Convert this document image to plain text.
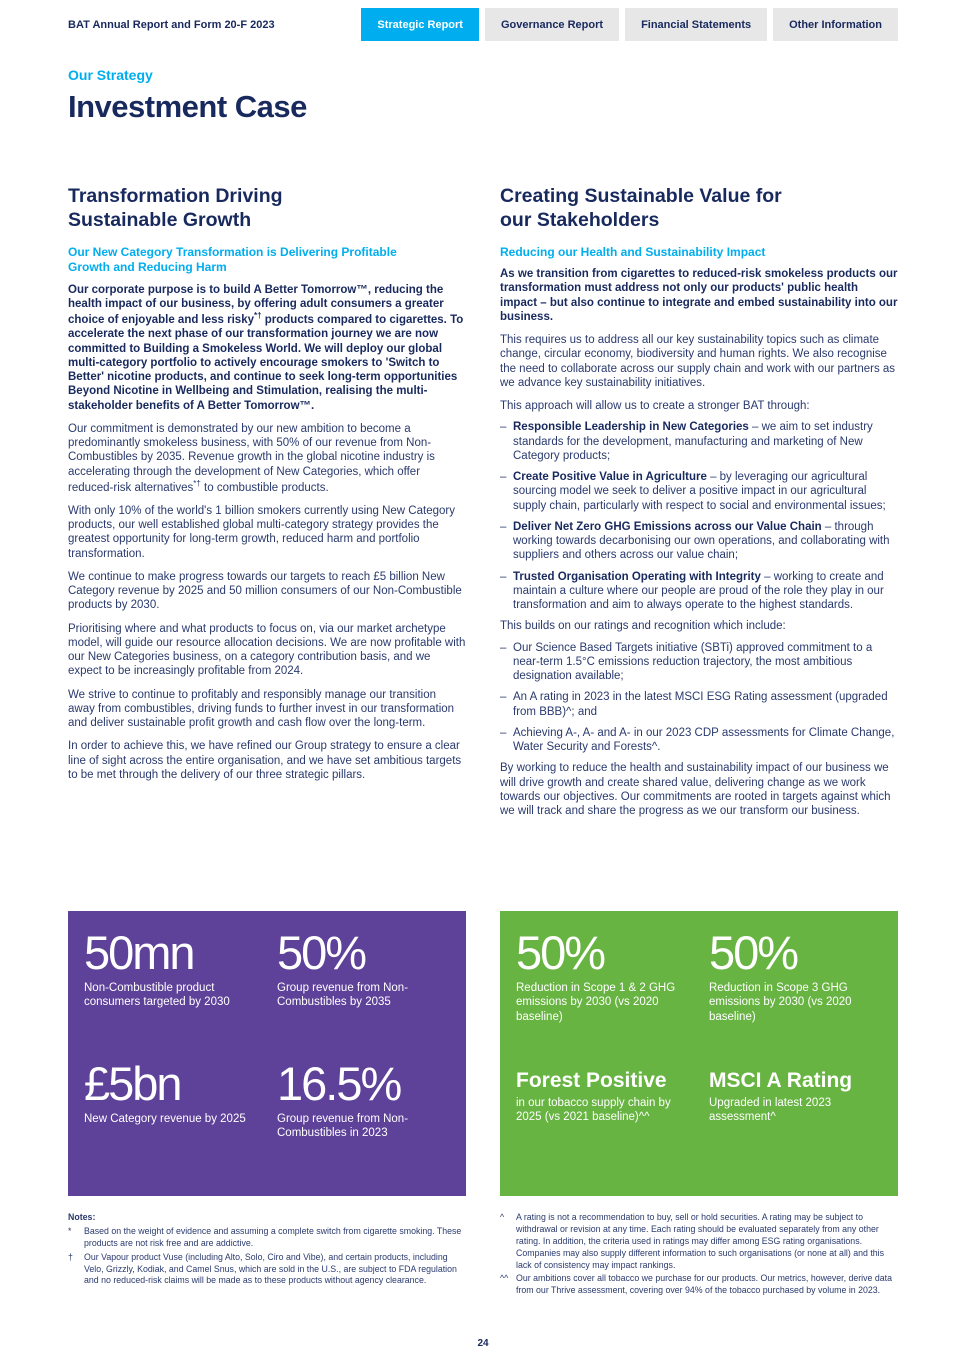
BAT Annual Report and Form 20-F 2023	Strategic Report	Governance Report	Financial Statements	Other Information
Our Strategy
Investment Case
Transformation Driving Sustainable Growth
Our New Category Transformation is Delivering Profitable Growth and Reducing Harm

Our corporate purpose is to build A Better Tomorrow™, reducing the health impact of our business, by offering adult consumers a greater choice of enjoyable and less risky*† products compared to cigarettes. To accelerate the next phase of our transformation journey we are now committed to Building a Smokeless World. We will deploy our global multi-category portfolio to actively encourage smokers to 'Switch to Better' nicotine products, and continue to seek long-term opportunities Beyond Nicotine in Wellbeing and Stimulation, realising the multi-stakeholder benefits of A Better Tomorrow™.

Our commitment is demonstrated by our new ambition to become a predominantly smokeless business, with 50% of our revenue from Non-Combustibles by 2035. Revenue growth in the global nicotine industry is accelerating through the development of New Categories, which offer reduced-risk alternatives*† to combustible products.

With only 10% of the world's 1 billion smokers currently using New Category products, our well established global multi-category strategy provides the greatest opportunity for long-term growth, reduced harm and portfolio transformation.

We continue to make progress towards our targets to reach £5 billion New Category revenue by 2025 and 50 million consumers of our Non-Combustible products by 2030.

Prioritising where and what products to focus on, via our market archetype model, will guide our resource allocation decisions. We are now profitable with our New Categories business, on a category contribution basis, and we expect to be increasingly profitable from 2024.

We strive to continue to profitably and responsibly manage our transition away from combustibles, driving funds to further invest in our transformation and deliver sustainable profit growth and cash flow over the long-term.

In order to achieve this, we have refined our Group strategy to ensure a clear line of sight across the entire organisation, and we have set ambitious targets to be met through the delivery of our three strategic pillars.

Creating Sustainable Value for our Stakeholders
Reducing our Health and Sustainability Impact

As we transition from cigarettes to reduced-risk smokeless products our transformation must address not only our products' public health impact – but also continue to integrate and embed sustainability into our business.

This requires us to address all our key sustainability topics such as climate change, circular economy, biodiversity and human rights. We also recognise the need to collaborate across our supply chain and work with our partners as we advance key sustainability initiatives.

This approach will allow us to create a stronger BAT through:

– Responsible Leadership in New Categories – we aim to set industry standards for the development, manufacturing and marketing of New Category products;
– Create Positive Value in Agriculture – by leveraging our agricultural sourcing model we seek to deliver a positive impact in our agricultural supply chain, particularly with respect to social and environmental issues;
– Deliver Net Zero GHG Emissions across our Value Chain – through working towards decarbonising our own operations, and collaborating with suppliers and others across our value chain;
– Trusted Organisation Operating with Integrity – working to create and maintain a culture where our people are proud of the role they play in our transformation and aim to always operate to the highest standards.

This builds on our ratings and recognition which include:

– Our Science Based Targets initiative (SBTi) approved commitment to a near-term 1.5°C emissions reduction trajectory, the most ambitious designation available;
– An A rating in 2023 in the latest MSCI ESG Rating assessment (upgraded from BBB)^; and
– Achieving A-, A- and A- in our 2023 CDP assessments for Climate Change, Water Security and Forests^.

By working to reduce the health and sustainability impact of our business we will drive growth and create shared value, delivering change as we work towards our objectives. Our commitments are rooted in targets against which we will track and share the progress as we our transform our business.

50mn
Non-Combustible product consumers targeted by 2030
50%
Group revenue from Non-Combustibles by 2035
£5bn
New Category revenue by 2025
16.5%
Group revenue from Non-Combustibles in 2023
50%
Reduction in Scope 1 & 2 GHG emissions by 2030 (vs 2020 baseline)
50%
Reduction in Scope 3 GHG emissions by 2030 (vs 2020 baseline)
Forest Positive
in our tobacco supply chain by 2025 (vs 2021 baseline)^^
MSCI A Rating
Upgraded in latest 2023 assessment^
Notes:
*	Based on the weight of evidence and assuming a complete switch from cigarette smoking. These products are not risk free and are addictive.
†	Our Vapour product Vuse (including Alto, Solo, Ciro and Vibe), and certain products, including Velo, Grizzly, Kodiak, and Camel Snus, which are sold in the U.S., are subject to FDA regulation and no reduced-risk claims will be made as to these products without agency clearance.
^	A rating is not a recommendation to buy, sell or hold securities. A rating may be subject to withdrawal or revision at any time. Each rating should be evaluated separately from any other rating. In addition, the criteria used in ratings may differ among ESG rating organisations. Companies may also supply different information to such organisations (or none at all) and this lack of consistency may impact rankings.
^^ Our ambitions cover all tobacco we purchase for our products. Our metrics, however, derive data from our Thrive assessment, covering over 94% of the tobacco purchased by volume in 2023.
24
